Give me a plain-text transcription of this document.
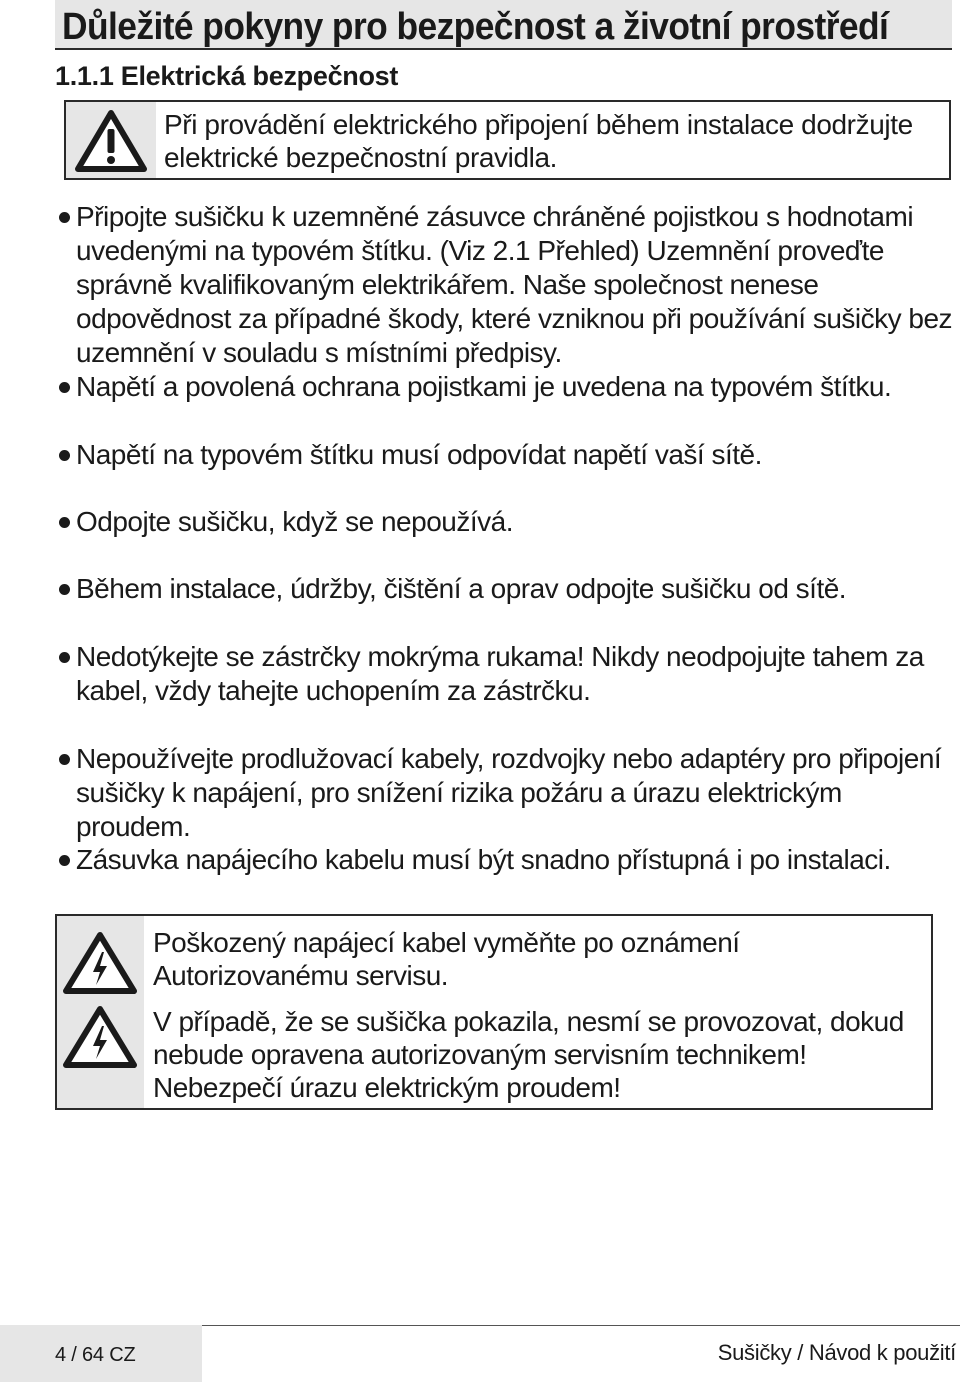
Důležité pokyny pro bezpečnost a životní prostředí
1.1.1 Elektrická bezpečnost
Při provádění elektrického připojení během instalace dodržujte elektrické bezpečnostní pravidla.
Připojte sušičku k uzemněné zásuvce chráněné pojistkou s hodnotami uvedenými na typovém štítku. (Viz 2.1 Přehled) Uzemnění proveďte správně kvalifikovaným elektrikářem. Naše společnost nenese odpovědnost za případné škody, které vzniknou při používání sušičky bez uzemnění v souladu s místními předpisy.
Napětí a povolená ochrana pojistkami je uvedena na typovém štítku.
Napětí na typovém štítku musí odpovídat napětí vaší sítě.
Odpojte sušičku, když se nepoužívá.
Během instalace, údržby, čištění a oprav odpojte sušičku od sítě.
Nedotýkejte se zástrčky mokrýma rukama! Nikdy neodpojujte tahem za kabel, vždy tahejte uchopením za zástrčku.
Nepoužívejte prodlužovací kabely, rozdvojky nebo adaptéry pro připojení sušičky k napájení, pro snížení rizika požáru a úrazu elektrickým proudem.
Zásuvka napájecího kabelu musí být snadno přístupná i po instalaci.
Poškozený napájecí kabel vyměňte po oznámení Autorizovanému servisu.
V případě, že se sušička pokazila, nesmí se provozovat, dokud nebude opravena autorizovaným servisním technikem! Nebezpečí úrazu elektrickým proudem!
4 / 64 CZ	Sušičky / Návod k použití
